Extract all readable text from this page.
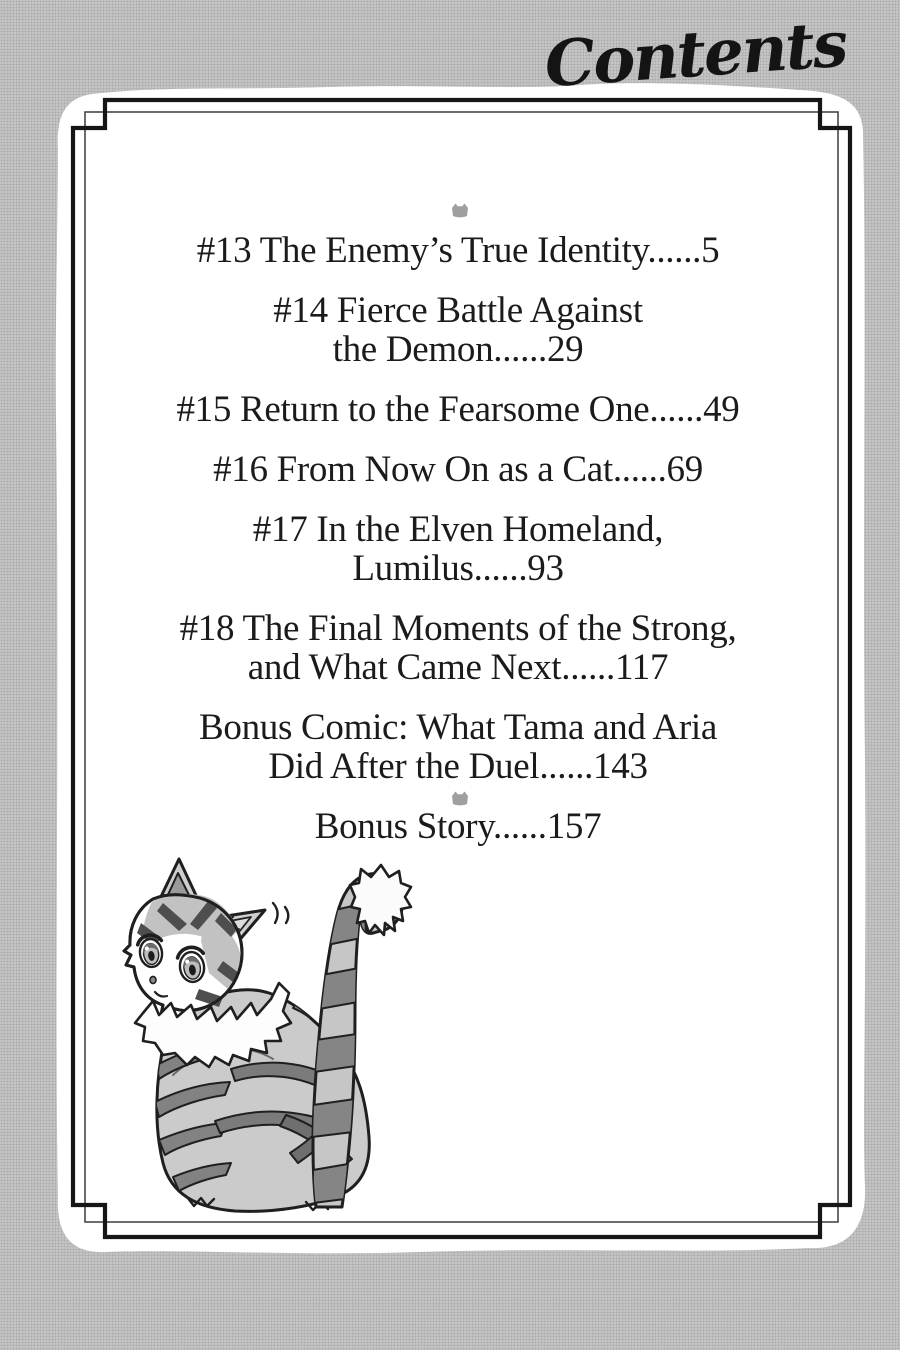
Contents
#13 The Enemy’s True Identity......5
#14 Fierce Battle Against
the Demon......29
#15 Return to the Fearsome One......49
#16 From Now On as a Cat......69
#17 In the Elven Homeland,
Lumilus......93
#18 The Final Moments of the Strong,
and What Came Next......117
Bonus Comic: What Tama and Aria
Did After the Duel......143
Bonus Story......157
